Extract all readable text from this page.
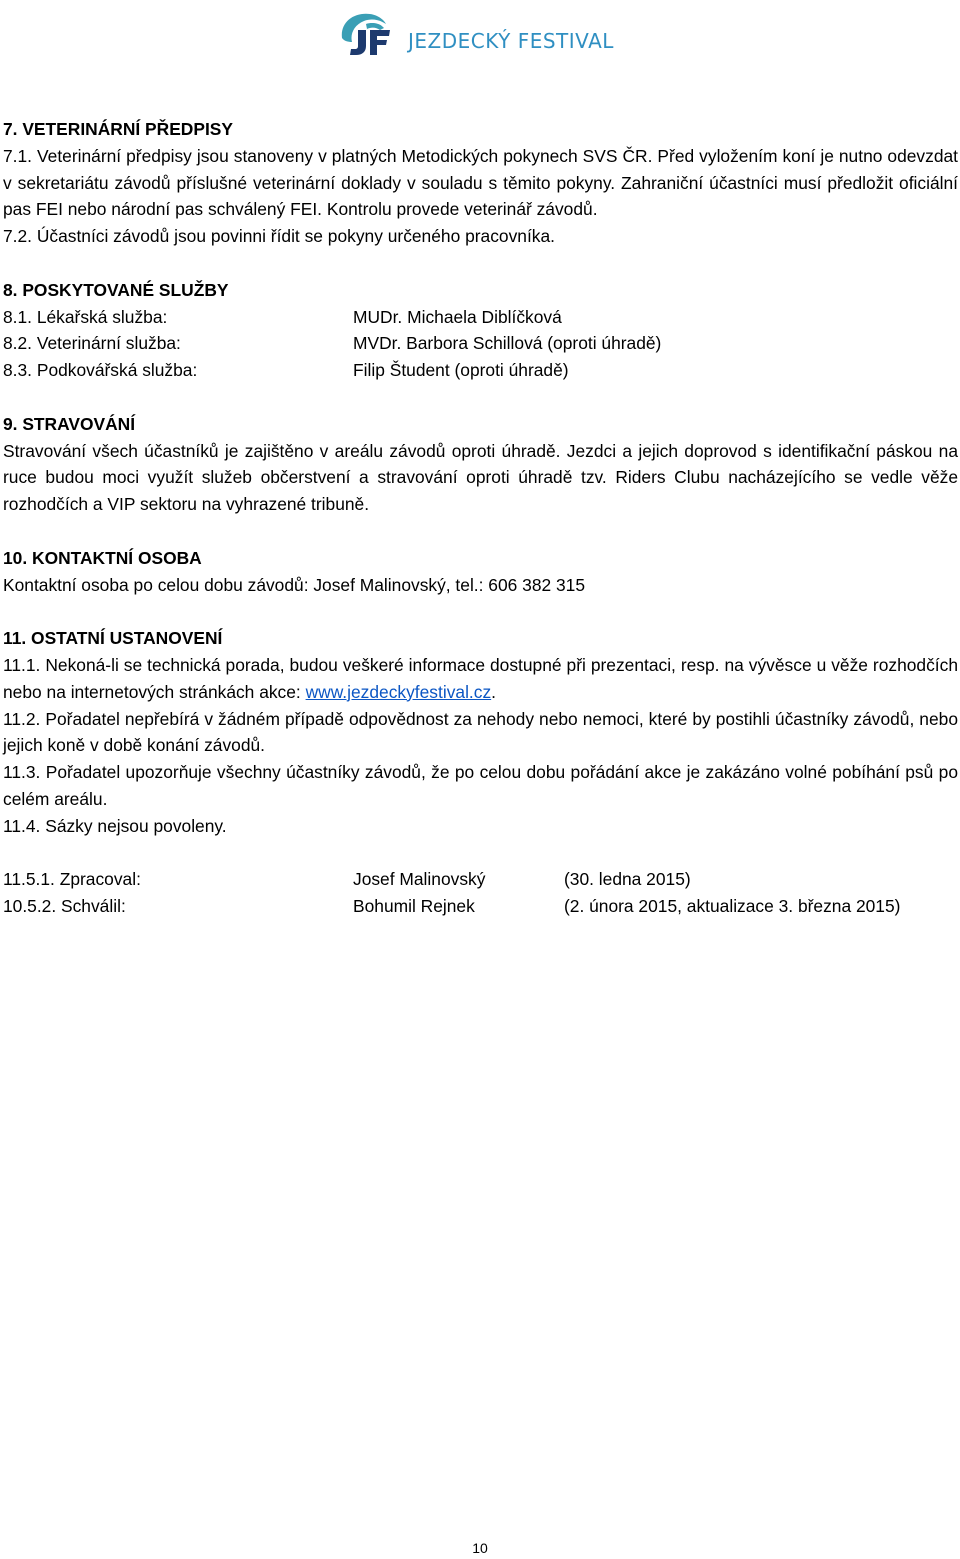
JEZDECKÝ FESTIVAL

7. VETERINÁRNÍ PŘEDPISY

7.1. Veterinární předpisy jsou stanoveny v platných Metodických pokynech SVS ČR. Před vyložením koní je nutno odevzdat v sekretariátu závodů příslušné veterinární doklady v souladu s těmito pokyny. Zahraniční účastníci musí předložit oficiální pas FEI nebo národní pas schválený FEI. Kontrolu provede veterinář závodů.

7.2. Účastníci závodů jsou povinni řídit se pokyny určeného pracovníka.

8. POSKYTOVANÉ SLUŽBY

8.1. Lékařská služba:	MUDr. Michaela Diblíčková
8.2. Veterinární služba:	MVDr. Barbora Schillová (oproti úhradě)
8.3. Podkovářská služba:	Filip Študent (oproti úhradě)

9. STRAVOVÁNÍ

Stravování všech účastníků je zajištěno v areálu závodů oproti úhradě. Jezdci a jejich doprovod s identifikační páskou na ruce budou moci využít služeb občerstvení a stravování oproti úhradě tzv. Riders Clubu nacházejícího se vedle věže rozhodčích a VIP sektoru na vyhrazené tribuně.

10. KONTAKTNÍ OSOBA

Kontaktní osoba po celou dobu závodů: Josef Malinovský, tel.: 606 382 315

11. OSTATNÍ USTANOVENÍ

11.1. Nekoná-li se technická porada, budou veškeré informace dostupné při prezentaci, resp. na vývěsce u věže rozhodčích nebo na internetových stránkách akce: www.jezdeckyfestival.cz.

11.2. Pořadatel nepřebírá v žádném případě odpovědnost za nehody nebo nemoci, které by postihli účastníky závodů, nebo jejich koně v době konání závodů.

11.3. Pořadatel upozorňuje všechny účastníky závodů, že po celou dobu pořádání akce je zakázáno volné pobíhání psů po celém areálu.

11.4. Sázky nejsou povoleny.

11.5.1. Zpracoval:	Josef Malinovský	(30. ledna 2015)
10.5.2. Schválil:	Bohumil Rejnek	(2. února 2015, aktualizace 3. března 2015)
10
